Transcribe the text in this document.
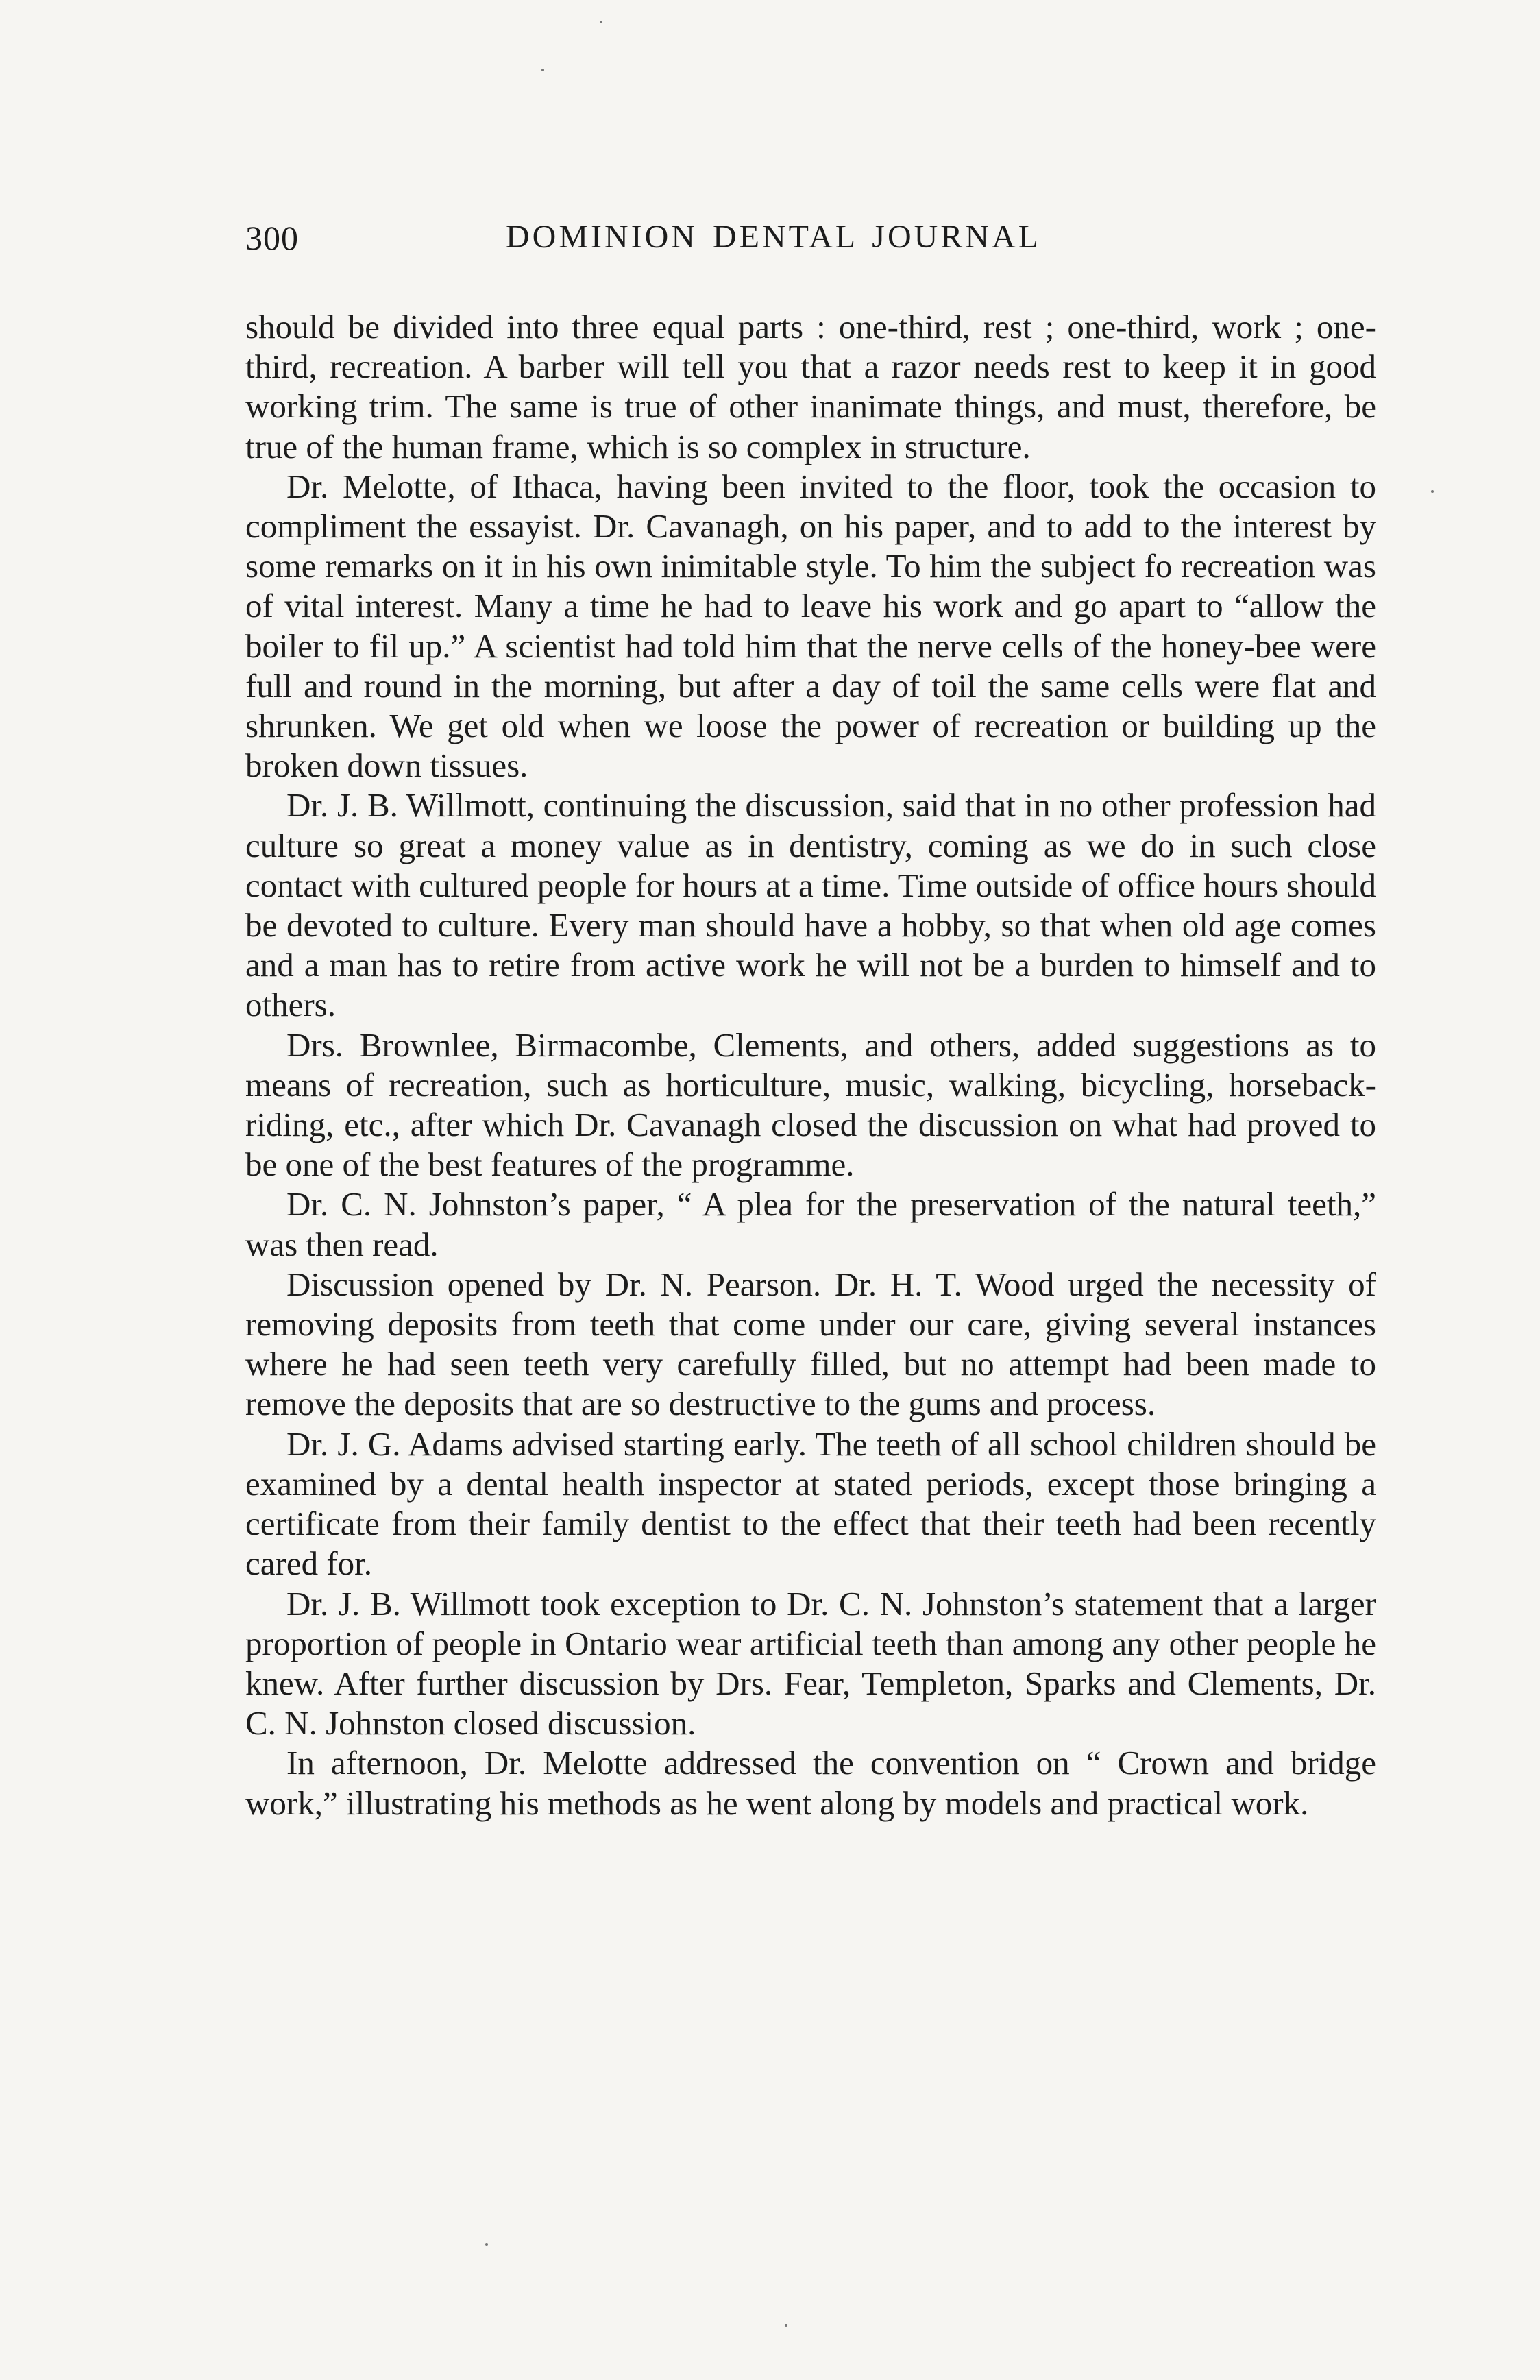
300	DOMINION DENTAL JOURNAL

should be divided into three equal parts : one-third, rest ; one-third, work ; one-third, recreation. A barber will tell you that a razor needs rest to keep it in good working trim. The same is true of other inanimate things, and must, therefore, be true of the human frame, which is so complex in structure.

Dr. Melotte, of Ithaca, having been invited to the floor, took the occasion to compliment the essayist. Dr. Cavanagh, on his paper, and to add to the interest by some remarks on it in his own inimitable style. To him the subject fo recreation was of vital interest. Many a time he had to leave his work and go apart to “allow the boiler to fil up.” A scientist had told him that the nerve cells of the honey-bee were full and round in the morning, but after a day of toil the same cells were flat and shrunken. We get old when we loose the power of recreation or building up the broken down tissues.

Dr. J. B. Willmott, continuing the discussion, said that in no other profession had culture so great a money value as in dentistry, coming as we do in such close contact with cultured people for hours at a time. Time outside of office hours should be devoted to culture. Every man should have a hobby, so that when old age comes and a man has to retire from active work he will not be a burden to himself and to others.

Drs. Brownlee, Birmacombe, Clements, and others, added suggestions as to means of recreation, such as horticulture, music, walking, bicycling, horseback-riding, etc., after which Dr. Cavanagh closed the discussion on what had proved to be one of the best features of the programme.

Dr. C. N. Johnston’s paper, “ A plea for the preservation of the natural teeth,” was then read.

Discussion opened by Dr. N. Pearson. Dr. H. T. Wood urged the necessity of removing deposits from teeth that come under our care, giving several instances where he had seen teeth very carefully filled, but no attempt had been made to remove the deposits that are so destructive to the gums and process.

Dr. J. G. Adams advised starting early. The teeth of all school children should be examined by a dental health inspector at stated periods, except those bringing a certificate from their family dentist to the effect that their teeth had been recently cared for.

Dr. J. B. Willmott took exception to Dr. C. N. Johnston’s statement that a larger proportion of people in Ontario wear artificial teeth than among any other people he knew. After further discussion by Drs. Fear, Templeton, Sparks and Clements, Dr. C. N. Johnston closed discussion.

In afternoon, Dr. Melotte addressed the convention on “ Crown and bridge work,” illustrating his methods as he went along by models and practical work.
